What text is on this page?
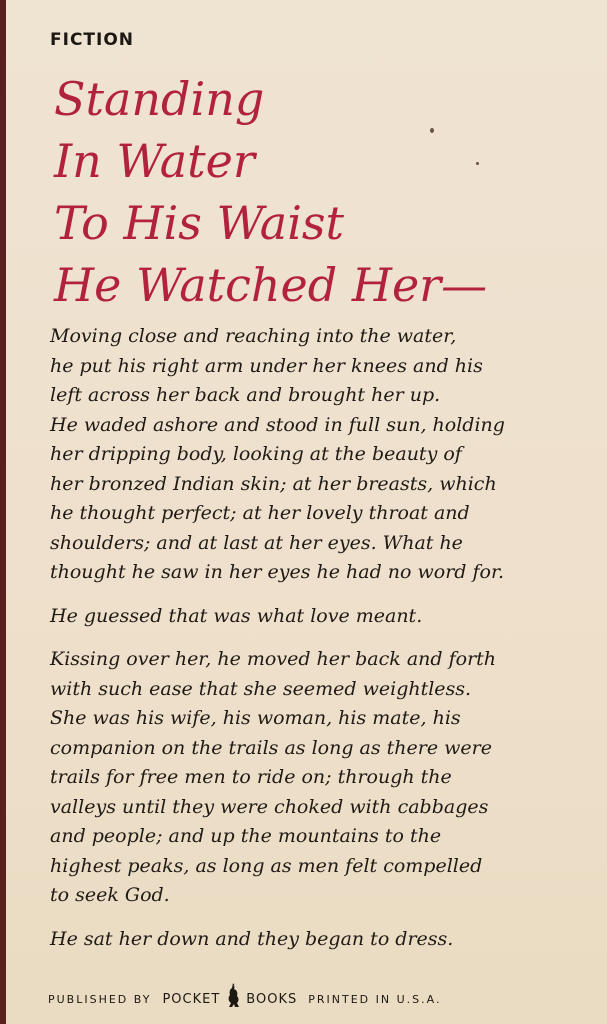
FICTION
Standing
In Water
To His Waist
He Watched Her—

Moving close and reaching into the water,
he put his right arm under her knees and his
left across her back and brought her up.
He waded ashore and stood in full sun, holding
her dripping body, looking at the beauty of
her bronzed Indian skin; at her breasts, which
he thought perfect; at her lovely throat and
shoulders; and at last at her eyes. What he
thought he saw in her eyes he had no word for.

He guessed that was what love meant.

Kissing over her, he moved her back and forth
with such ease that she seemed weightless.
She was his wife, his woman, his mate, his
companion on the trails as long as there were
trails for free men to ride on; through the
valleys until they were choked with cabbages
and people; and up the mountains to the
highest peaks, as long as men felt compelled
to seek God.

He sat her down and they began to dress.

PUBLISHED BY
POCKET BOOKS
PRINTED IN U.S.A.
